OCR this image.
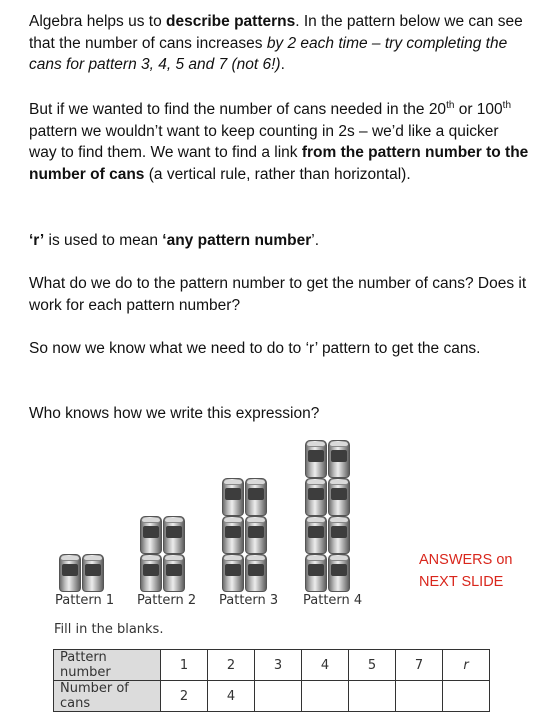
Algebra helps us to describe patterns. In the pattern below we can see that the number of cans increases by 2 each time – try completing the cans for pattern 3, 4, 5 and 7 (not 6!).

But if we wanted to find the number of cans needed in the 20th or 100th pattern we wouldn’t want to keep counting in 2s – we’d like a quicker way to find them. We want to find a link from the pattern number to the number of cans (a vertical rule, rather than horizontal).

‘r’ is used to mean ‘any pattern number’.

What do we do to the pattern number to get the number of cans? Does it work for each pattern number?

So now we know what we need to do to ‘r’ pattern to get the cans.

Who knows how we write this expression?

Pattern 1 Pattern 2 Pattern 3 Pattern 4
ANSWERS on
NEXT SLIDE
Fill in the blanks.
Pattern number	1	2	3	4	5	7	r
Number of cans	2	4					
